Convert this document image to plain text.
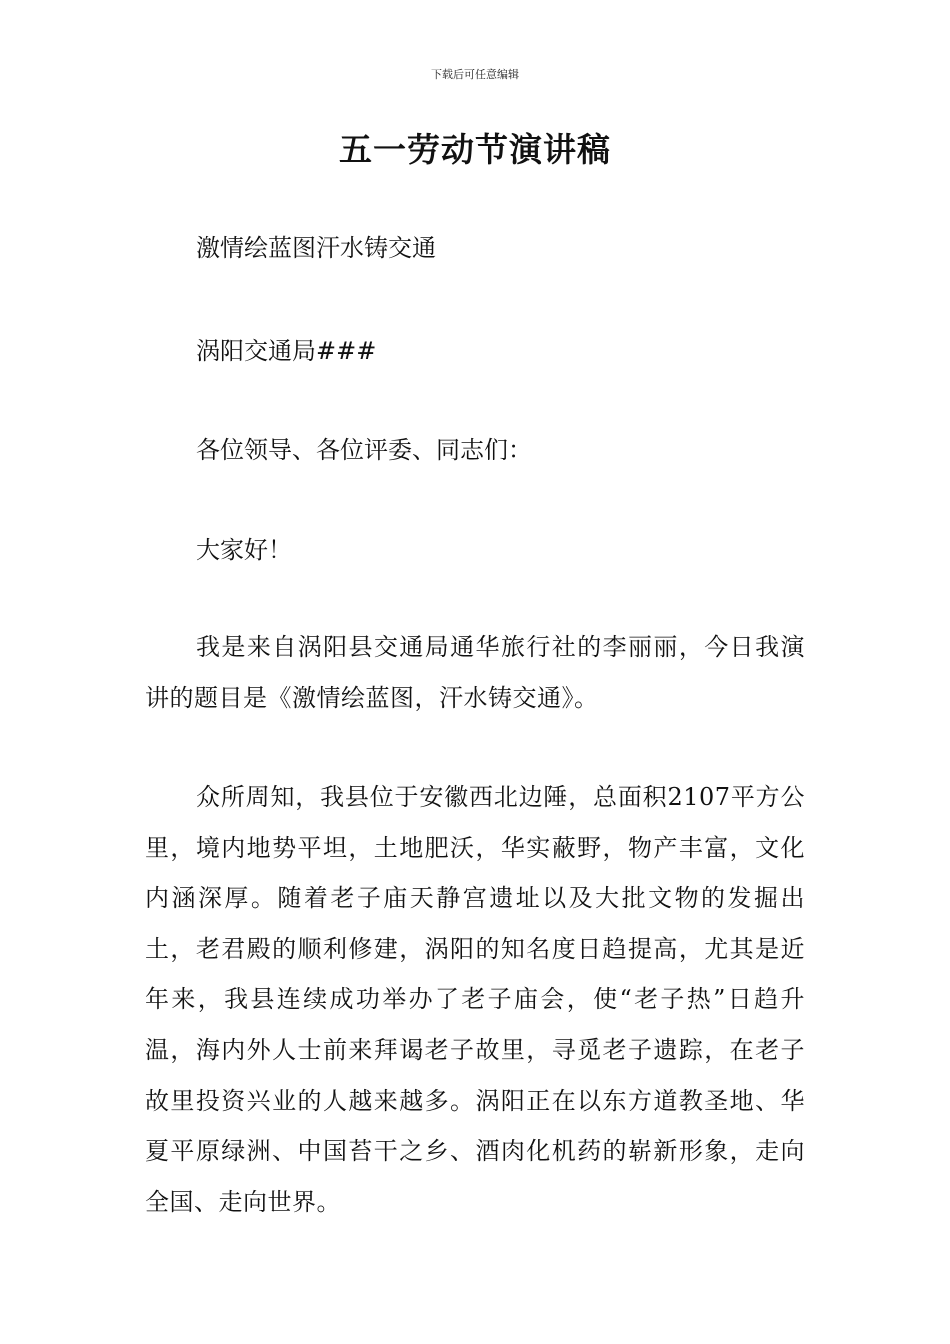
下载后可任意编辑
五一劳动节演讲稿
激情绘蓝图汗水铸交通
涡阳交通局###
各位领导、各位评委、同志们：
大家好！
我是来自涡阳县交通局通华旅行社的李丽丽，今日我演讲的题目是《激情绘蓝图，汗水铸交通》。
众所周知，我县位于安徽西北边陲，总面积2107平方公里，境内地势平坦，土地肥沃，华实蔽野，物产丰富，文化内涵深厚。随着老子庙天静宫遗址以及大批文物的发掘出土，老君殿的顺利修建，涡阳的知名度日趋提高，尤其是近年来，我县连续成功举办了老子庙会，使“老子热”日趋升温，海内外人士前来拜谒老子故里，寻觅老子遗踪，在老子故里投资兴业的人越来越多。涡阳正在以东方道教圣地、华夏平原绿洲、中国苔干之乡、酒肉化机药的崭新形象，走向全国、走向世界。
